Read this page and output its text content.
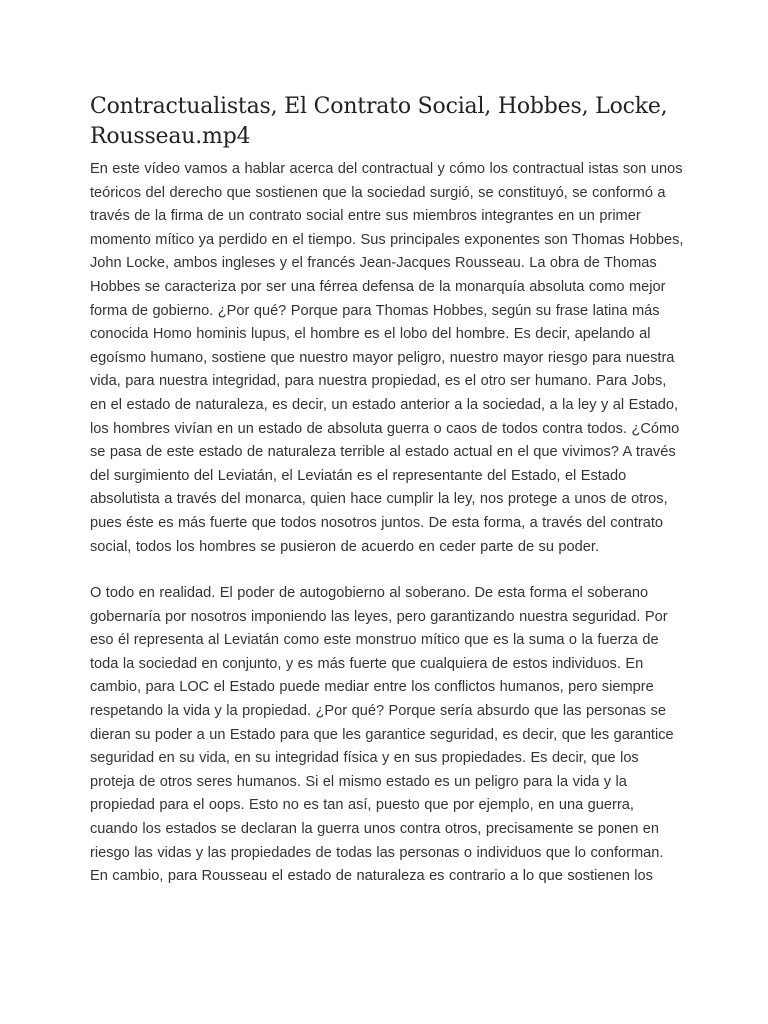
Contractualistas, El Contrato Social, Hobbes, Locke, Rousseau.mp4

En este vídeo vamos a hablar acerca del contractual y cómo los contractual istas son unos teóricos del derecho que sostienen que la sociedad surgió, se constituyó, se conformó a través de la firma de un contrato social entre sus miembros integrantes en un primer momento mítico ya perdido en el tiempo. Sus principales exponentes son Thomas Hobbes, John Locke, ambos ingleses y el francés Jean-Jacques Rousseau. La obra de Thomas Hobbes se caracteriza por ser una férrea defensa de la monarquía absoluta como mejor forma de gobierno. ¿Por qué? Porque para Thomas Hobbes, según su frase latina más conocida Homo hominis lupus, el hombre es el lobo del hombre. Es decir, apelando al egoísmo humano, sostiene que nuestro mayor peligro, nuestro mayor riesgo para nuestra vida, para nuestra integridad, para nuestra propiedad, es el otro ser humano. Para Jobs, en el estado de naturaleza, es decir, un estado anterior a la sociedad, a la ley y al Estado, los hombres vivían en un estado de absoluta guerra o caos de todos contra todos. ¿Cómo se pasa de este estado de naturaleza terrible al estado actual en el que vivimos? A través del surgimiento del Leviatán, el Leviatán es el representante del Estado, el Estado absolutista a través del monarca, quien hace cumplir la ley, nos protege a unos de otros, pues éste es más fuerte que todos nosotros juntos. De esta forma, a través del contrato social, todos los hombres se pusieron de acuerdo en ceder parte de su poder.

O todo en realidad. El poder de autogobierno al soberano. De esta forma el soberano gobernaría por nosotros imponiendo las leyes, pero garantizando nuestra seguridad. Por eso él representa al Leviatán como este monstruo mítico que es la suma o la fuerza de toda la sociedad en conjunto, y es más fuerte que cualquiera de estos individuos. En cambio, para LOC el Estado puede mediar entre los conflictos humanos, pero siempre respetando la vida y la propiedad. ¿Por qué? Porque sería absurdo que las personas se dieran su poder a un Estado para que les garantice seguridad, es decir, que les garantice seguridad en su vida, en su integridad física y en sus propiedades. Es decir, que los proteja de otros seres humanos. Si el mismo estado es un peligro para la vida y la propiedad para el oops. Esto no es tan así, puesto que por ejemplo, en una guerra, cuando los estados se declaran la guerra unos contra otros, precisamente se ponen en riesgo las vidas y las propiedades de todas las personas o individuos que lo conforman. En cambio, para Rousseau el estado de naturaleza es contrario a lo que sostienen los
